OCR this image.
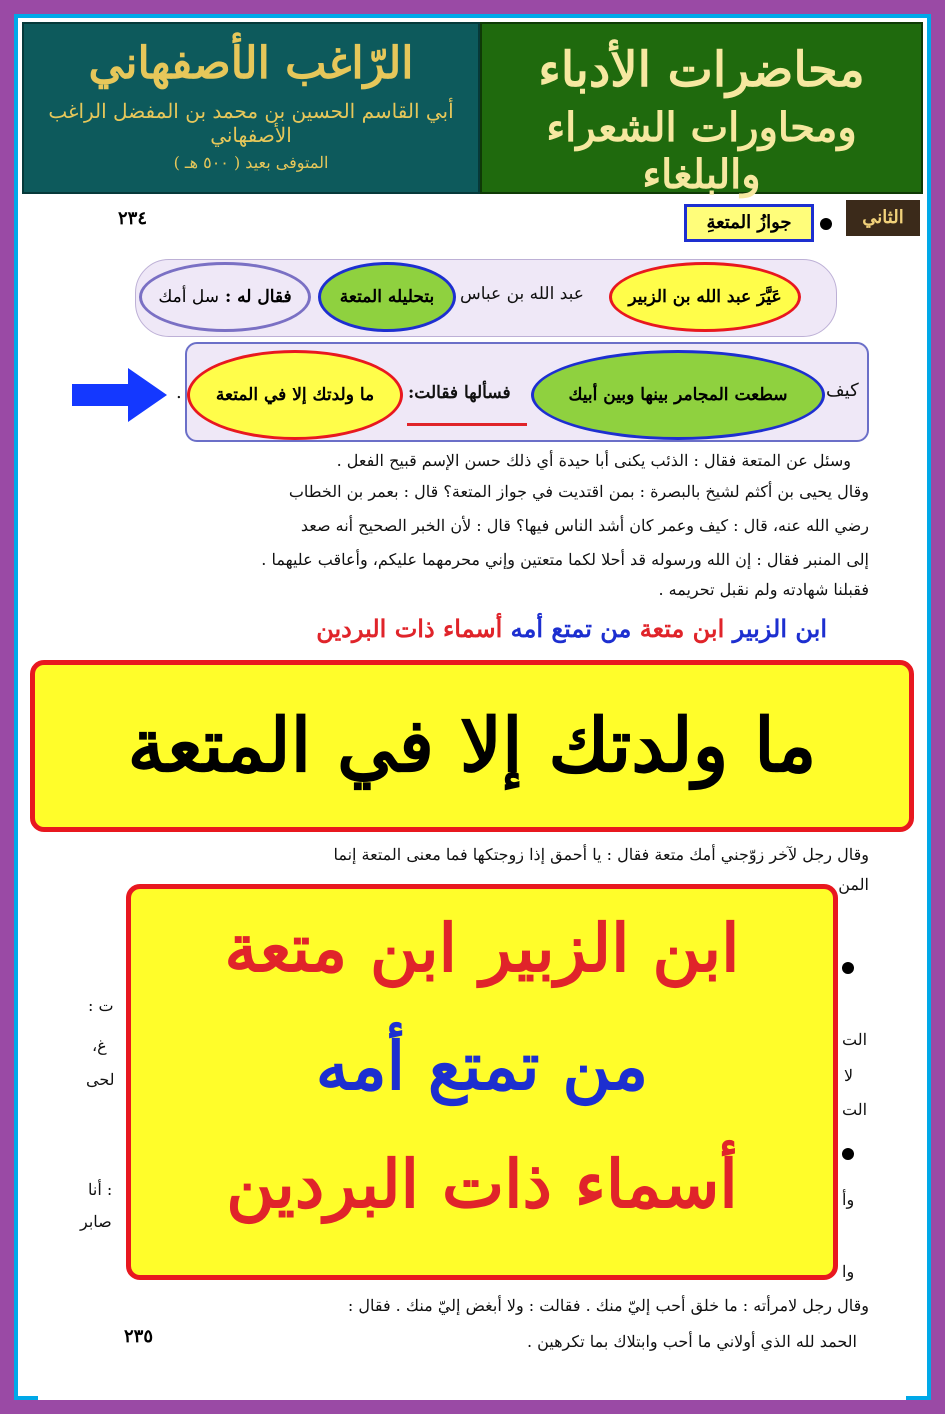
الرّاغب الأصفهاني
أبي القاسم الحسين بن محمد بن المفضل الراغب الأصفهاني
المتوفى بعيد ( ٥٠٠ هـ )
محاضرات الأدباء
ومحاورات الشعراء والبلغاء
الثاني
جوازُ المتعةِ
٢٣٤
عَيَّرَ عبد الله بن الزبير
عبد الله بن عباس
بتحليله المتعة
فقال له :

سل أمك
كيف
سطعت المجامر بينها وبين أبيك
فسألها فقالت:
ما ولدتك إلا في المتعة
.
وسئل عن المتعة فقال : الذئب يكنى أبا حيدة أي ذلك حسن الإسم قبيح الفعل .
وقال يحيى بن أكثم لشيخ بالبصرة : بمن اقتديت في جواز المتعة؟ قال : بعمر بن الخطاب
رضي الله عنه، قال : كيف وعمر كان أشد الناس فيها؟ قال : لأن الخبر الصحيح أنه صعد
إلى المنبر فقال : إن الله ورسوله قد أحلا لكما متعتين وإني محرمهما عليكم، وأعاقب عليهما .
فقبلنا شهادته ولم نقبل تحريمه .
ابن الزبير ابن متعة من تمتع أمه أسماء ذات البردين
ما ولدتك إلا في المتعة
وقال رجل لآخر زوّجني أمك متعة فقال : يا أحمق إذا زوجتكها فما معنى المتعة إنما
المن
ت :
الت
غ،
لا
لحى
الت
: أنا
وأ
صابر
وا
ابن الزبير ابن متعة
من تمتع أمه
أسماء ذات البردين
وقال رجل لامرأته : ما خلق أحب إليّ منك . فقالت : ولا أبغض إليّ منك . فقال :
٢٣٥	الحمد لله الذي أولاني ما أحب وابتلاك بما تكرهين .
